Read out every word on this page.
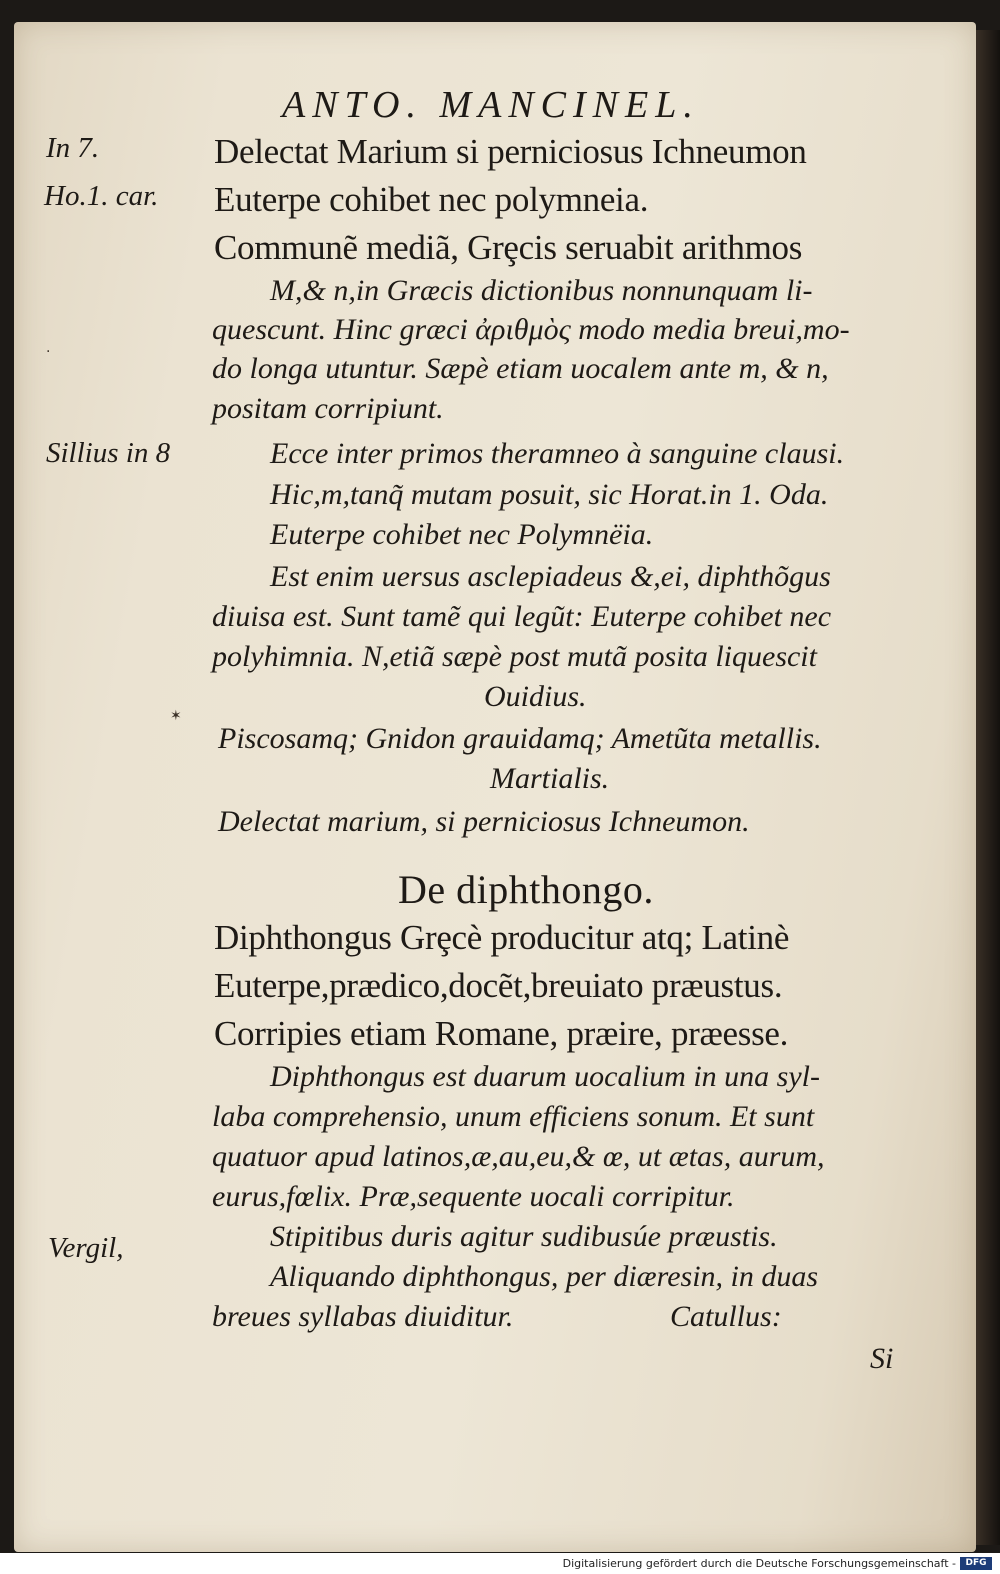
ANTO. MANCINEL.
In 7.
Ho.1. car.
Sillius in 8
Vergil,
Delectat Marium si perniciosus Ichneumon
Euterpe cohibet nec polymneia.
Communẽ mediã, Grȩcis seruabit arithmos
M,& n,in Græcis dictionibus nonnunquam li-
quescunt. Hinc græci ἀριθμὸς modo media breui,mo-
do longa utuntur. Sæpè etiam uocalem ante m, & n,
positam corripiunt.
Ecce inter primos theramneo à sanguine clausi.
Hic,m,tanq̃ mutam posuit, sic Horat.in 1. Oda.
Euterpe cohibet nec Polymnëia.
Est enim uersus asclepiadeus &,ei, diphthõgus
diuisa est. Sunt tamẽ qui legũt: Euterpe cohibet nec
polyhimnia. N,etiã sæpè post mutã posita liquescit
Ouidius.
Piscosamq; Gnidon grauidamq; Ametũta metallis.
Martialis.
Delectat marium, si perniciosus Ichneumon.
De diphthongo.
Diphthongus Grȩcè producitur atq; Latinè
Euterpe,prædico,docẽt,breuiato præustus.
Corripies etiam Romane, præire, præesse.
Diphthongus est duarum uocalium in una syl-
laba comprehensio, unum efficiens sonum. Et sunt
quatuor apud latinos,æ,au,eu,& œ, ut ætas, aurum,
eurus,fœlix. Præ,sequente uocali corripitur.
Stipitibus duris agitur sudibusúe præustis.
Aliquando diphthongus, per diæresin, in duas
breues syllabas diuiditur.	Catullus:
Si
✶
·
Digitalisierung gefördert durch die Deutsche Forschungsgemeinschaft -	DFG
